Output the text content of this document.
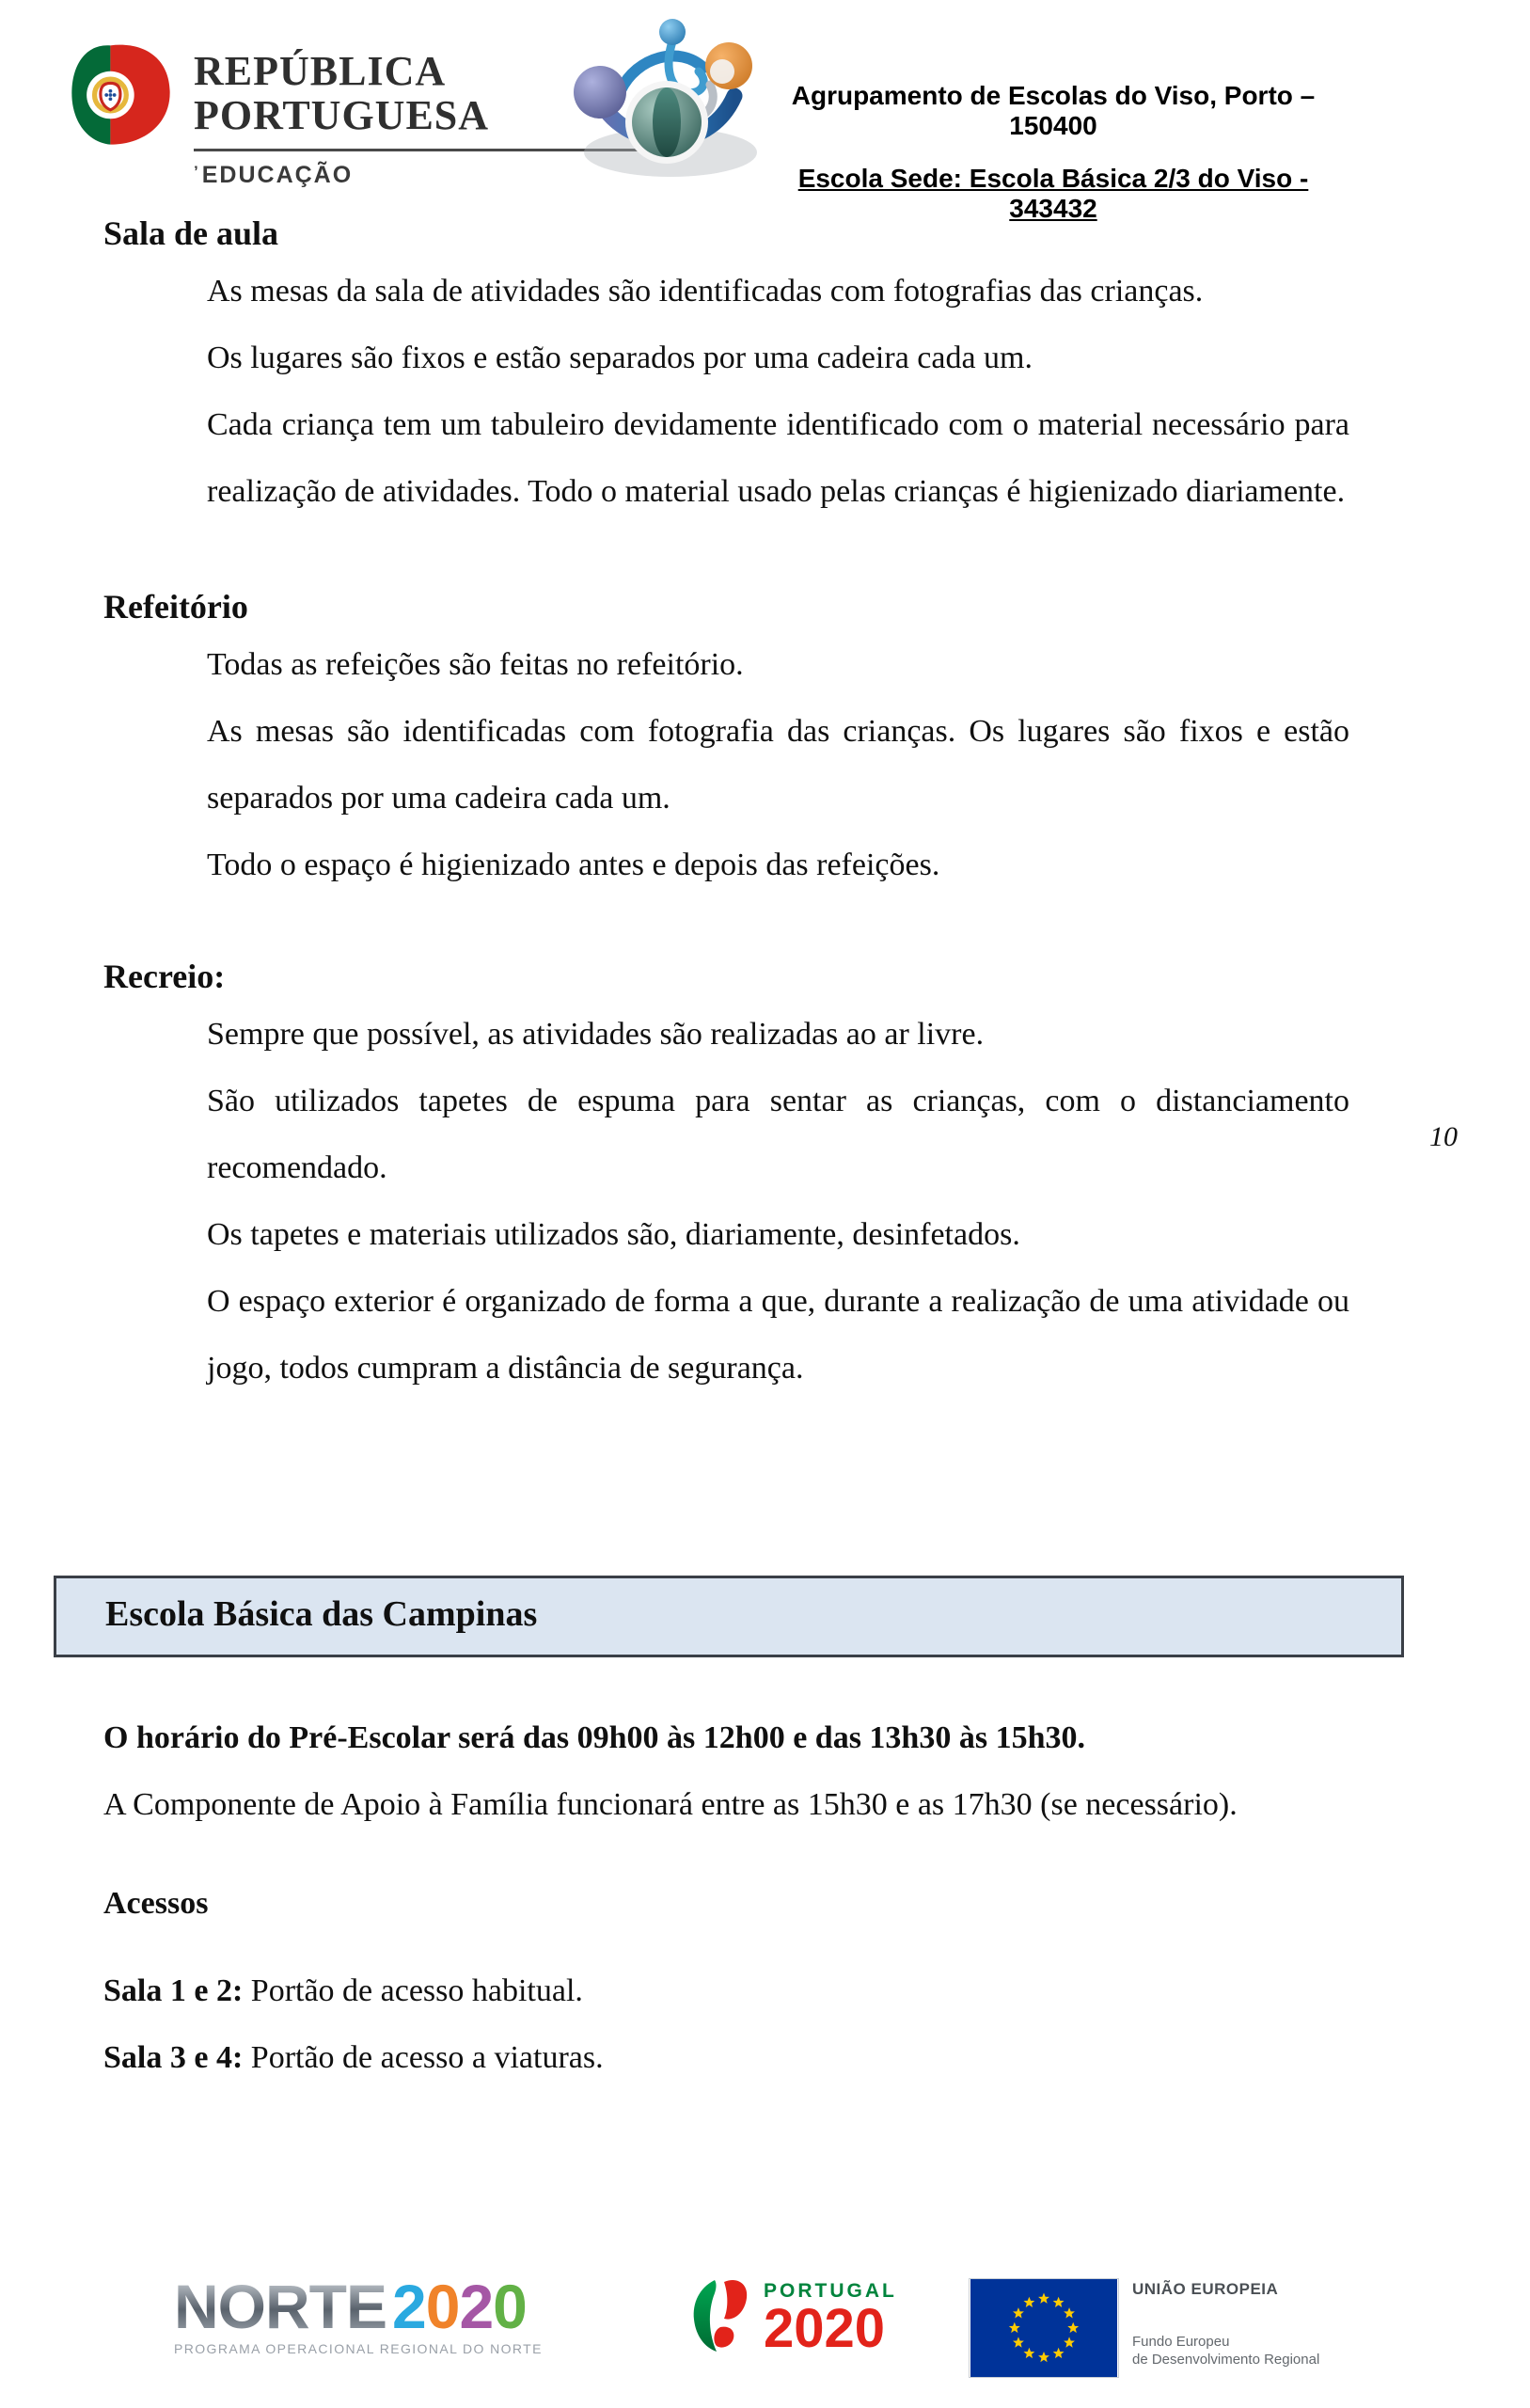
REPÚBLICA
PORTUGUESA
’EDUCAÇÃO
Agrupamento de Escolas do Viso, Porto – 150400
Escola Sede: Escola Básica 2/3 do Viso - 343432
Sala de aula

As mesas da sala de atividades são identificadas com fotografias das crianças.

Os lugares são fixos e estão separados por uma cadeira cada um.

Cada criança tem um tabuleiro devidamente identificado com o material necessário para realização de atividades. Todo o material usado pelas crianças é higienizado diariamente.

Refeitório

Todas as refeições são feitas no refeitório.

As mesas são identificadas com fotografia das crianças. Os lugares são fixos e estão separados por uma cadeira cada um.

Todo o espaço é higienizado antes e depois das refeições.

Recreio:

Sempre que possível, as atividades são realizadas ao ar livre.

São utilizados tapetes de espuma para sentar as crianças, com o distanciamento recomendado.

Os tapetes e materiais utilizados são, diariamente, desinfetados.

O espaço exterior é organizado de forma a que, durante a realização de uma atividade ou jogo, todos cumpram a distância de segurança.

10
Escola Básica das Campinas

O horário do Pré-Escolar será das 09h00 às 12h00 e das 13h30 às 15h30.

A Componente de Apoio à Família funcionará entre as 15h30 e as 17h30 (se necessário).

Acessos

Sala 1 e 2: Portão de acesso habitual.

Sala 3 e 4: Portão de acesso a viaturas.

NORTE 2 0 2 0
PROGRAMA OPERACIONAL REGIONAL DO NORTE
PORTUGAL
2020
UNIÃO EUROPEIA
Fundo Europeu
de Desenvolvimento Regional
